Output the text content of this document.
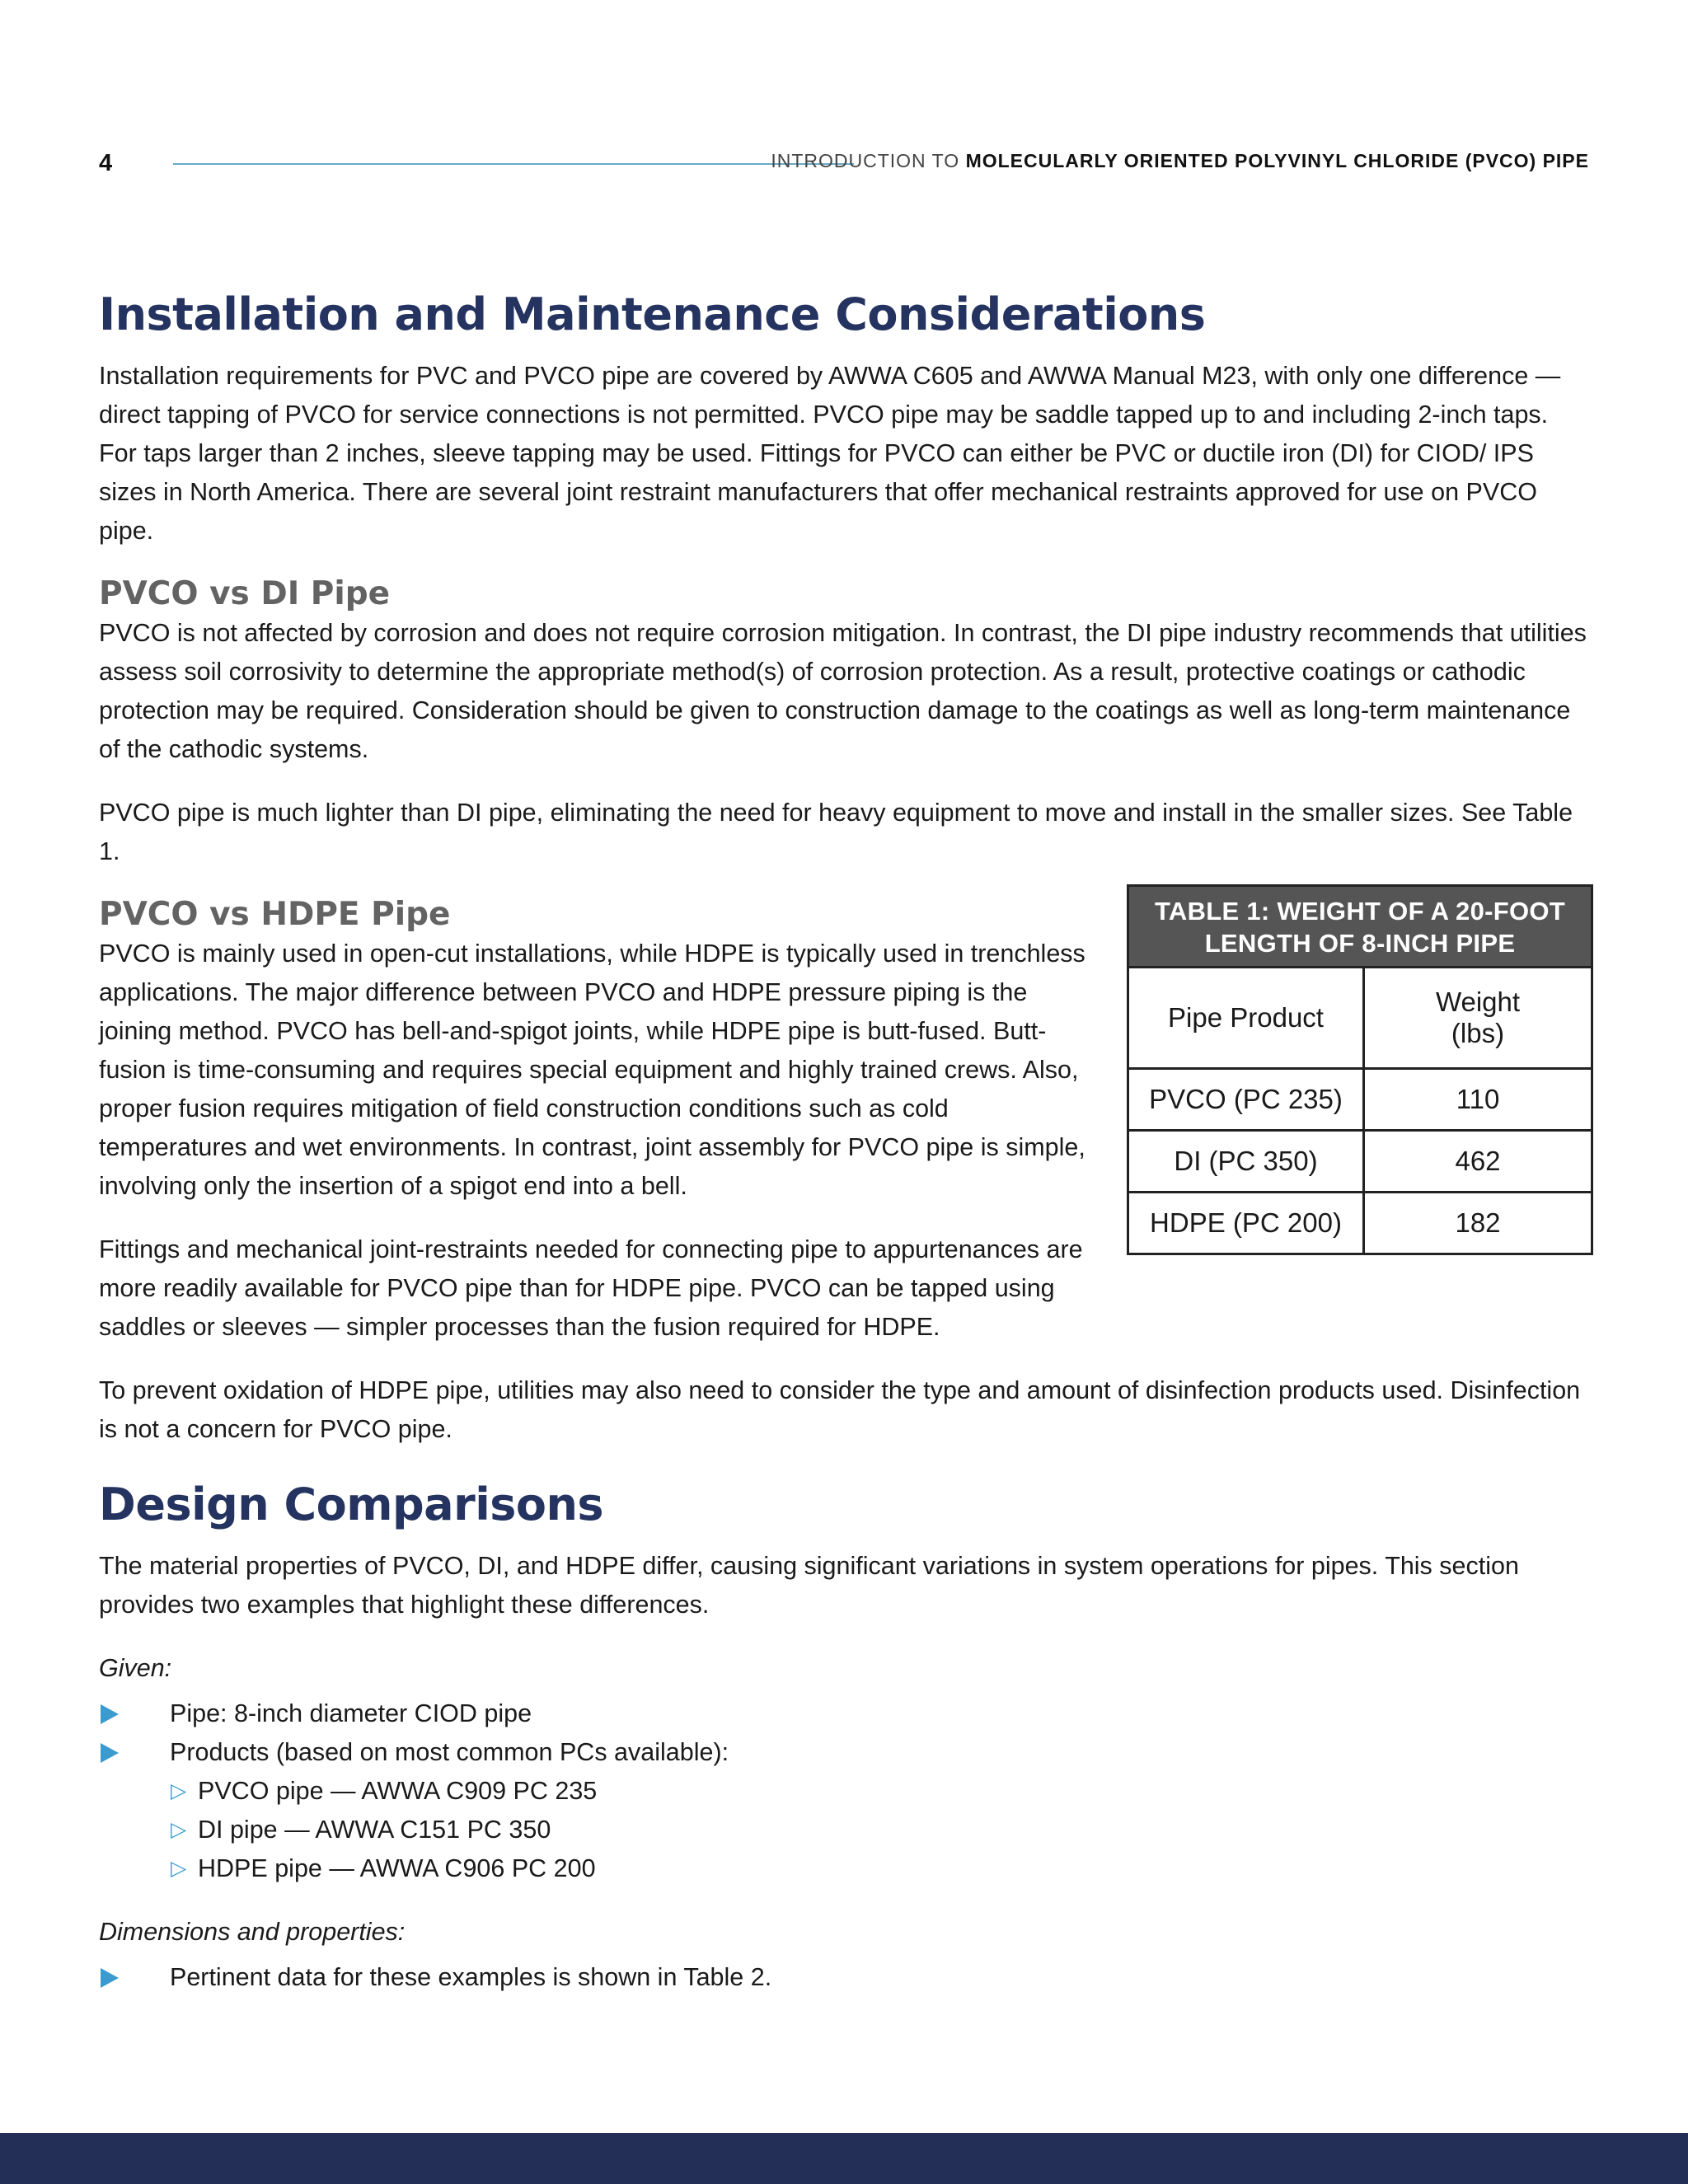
4	INTRODUCTION TO MOLECULARLY ORIENTED POLYVINYL CHLORIDE (PVCO) PIPE
Installation and Maintenance Considerations

Installation requirements for PVC and PVCO pipe are covered by AWWA C605 and AWWA Manual M23, with only one difference — direct tapping of PVCO for service connections is not permitted. PVCO pipe may be saddle tapped up to and including 2-inch taps. For taps larger than 2 inches, sleeve tapping may be used. Fittings for PVCO can either be PVC or ductile iron (DI) for CIOD/ IPS sizes in North America. There are several joint restraint manufacturers that offer mechanical restraints approved for use on PVCO pipe.

PVCO vs DI Pipe

PVCO is not affected by corrosion and does not require corrosion mitigation. In contrast, the DI pipe industry recommends that utilities assess soil corrosivity to determine the appropriate method(s) of corrosion protection. As a result, protective coatings or cathodic protection may be required. Consideration should be given to construction damage to the coatings as well as long-term maintenance of the cathodic systems.

PVCO pipe is much lighter than DI pipe, eliminating the need for heavy equipment to move and install in the smaller sizes. See Table 1.

PVCO vs HDPE Pipe

PVCO is mainly used in open-cut installations, while HDPE is typically used in trenchless applications. The major difference between PVCO and HDPE pressure piping is the joining method. PVCO has bell-and-spigot joints, while HDPE pipe is butt-fused. Butt-fusion is time-consuming and requires special equipment and highly trained crews. Also, proper fusion requires mitigation of field construction conditions such as cold temperatures and wet environments. In contrast, joint assembly for PVCO pipe is simple, involving only the insertion of a spigot end into a bell.

Fittings and mechanical joint-restraints needed for connecting pipe to appurtenances are more readily available for PVCO pipe than for HDPE pipe. PVCO can be tapped using saddles or sleeves — simpler processes than the fusion required for HDPE.

TABLE 1: WEIGHT OF A 20-FOOT LENGTH OF 8-INCH PIPE
Pipe Product	Weight (lbs)

PVCO (PC 235)	110
DI (PC 350)	462
HDPE (PC 200)	182

To prevent oxidation of HDPE pipe, utilities may also need to consider the type and amount of disinfection products used. Disinfection is not a concern for PVCO pipe.

Design Comparisons

The material properties of PVCO, DI, and HDPE differ, causing significant variations in system operations for pipes. This section provides two examples that highlight these differences.

Given:

Pipe: 8-inch diameter CIOD pipe
Products (based on most common PCs available):
▷ PVCO pipe — AWWA C909 PC 235
▷ DI pipe — AWWA C151 PC 350
▷ HDPE pipe — AWWA C906 PC 200

Dimensions and properties:

Pertinent data for these examples is shown in Table 2.
